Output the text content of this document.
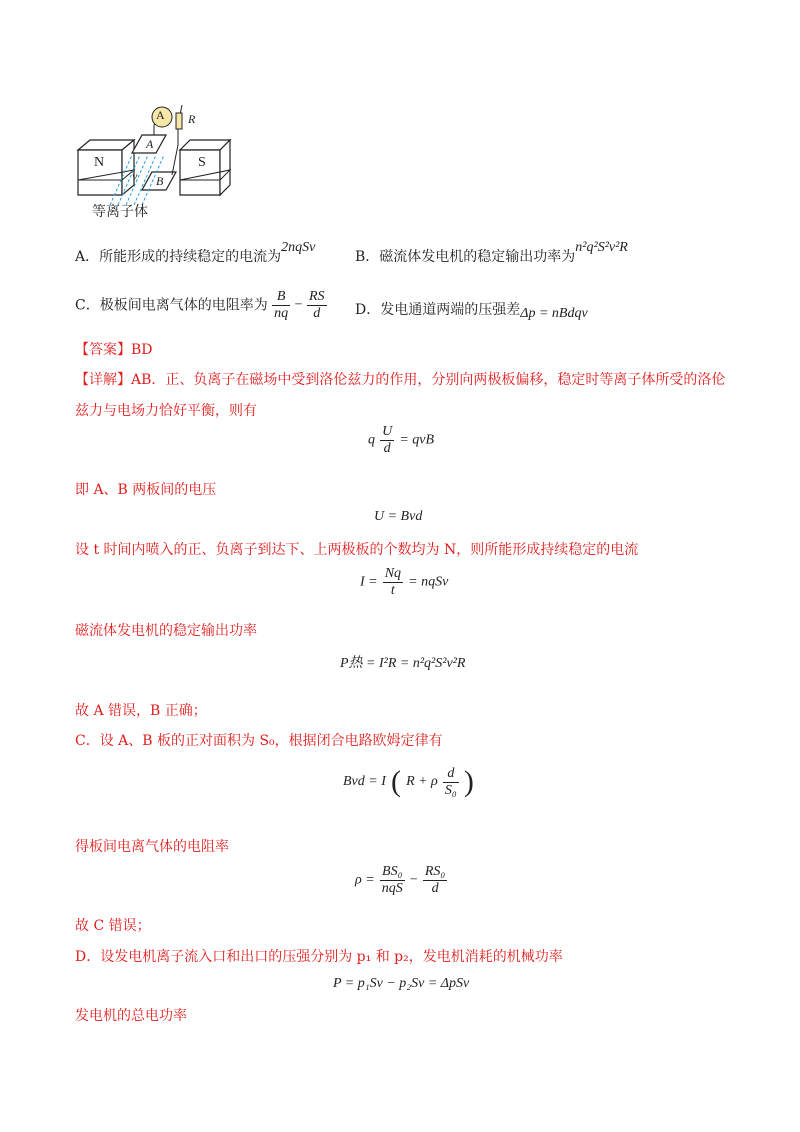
A R
N	S
A
B
v
等离子体
A．所能形成的持续稳定的电流为2nqSv
B．磁流体发电机的稳定输出功率为n²q²S²v²R
C．极板间电离气体的电阻率为 $\frac{B}{nq} - \frac{RS}{d}$ D．发电通道两端的压强差Δp = nBdqv
【答案】BD
【详解】AB．正、负离子在磁场中受到洛伦兹力的作用，分别向两极板偏移，稳定时等离子体所受的洛伦
兹力与电场力恰好平衡，则有
q $\frac{U}{d}$ = qvB
即 A、B 两板间的电压
U = Bvd
设 t 时间内喷入的正、负离子到达下、上两极板的个数均为 N，则所能形成持续稳定的电流
$I = \frac{Nq}{t}$ = nqSv
磁流体发电机的稳定输出功率
P热 = I²R = n²q²S²v²R
故 A 错误，B 正确；
C．设 A、B 板的正对面积为 S₀，根据闭合电路欧姆定律有
Bvd = I ( R + ρ $\frac{d}{\text{S₀}}$ )
得板间电离气体的电阻率
$\rho = \frac{\text{BS₀}}{\text{nqS}} - \frac{\text{RS₀}}{d}$
故 C 错误；
D．设发电机离子流入口和出口的压强分别为 p₁ 和 p₂，发电机消耗的机械功率
P = p₁Sv − p₂Sv = ΔpSv
发电机的总电功率
